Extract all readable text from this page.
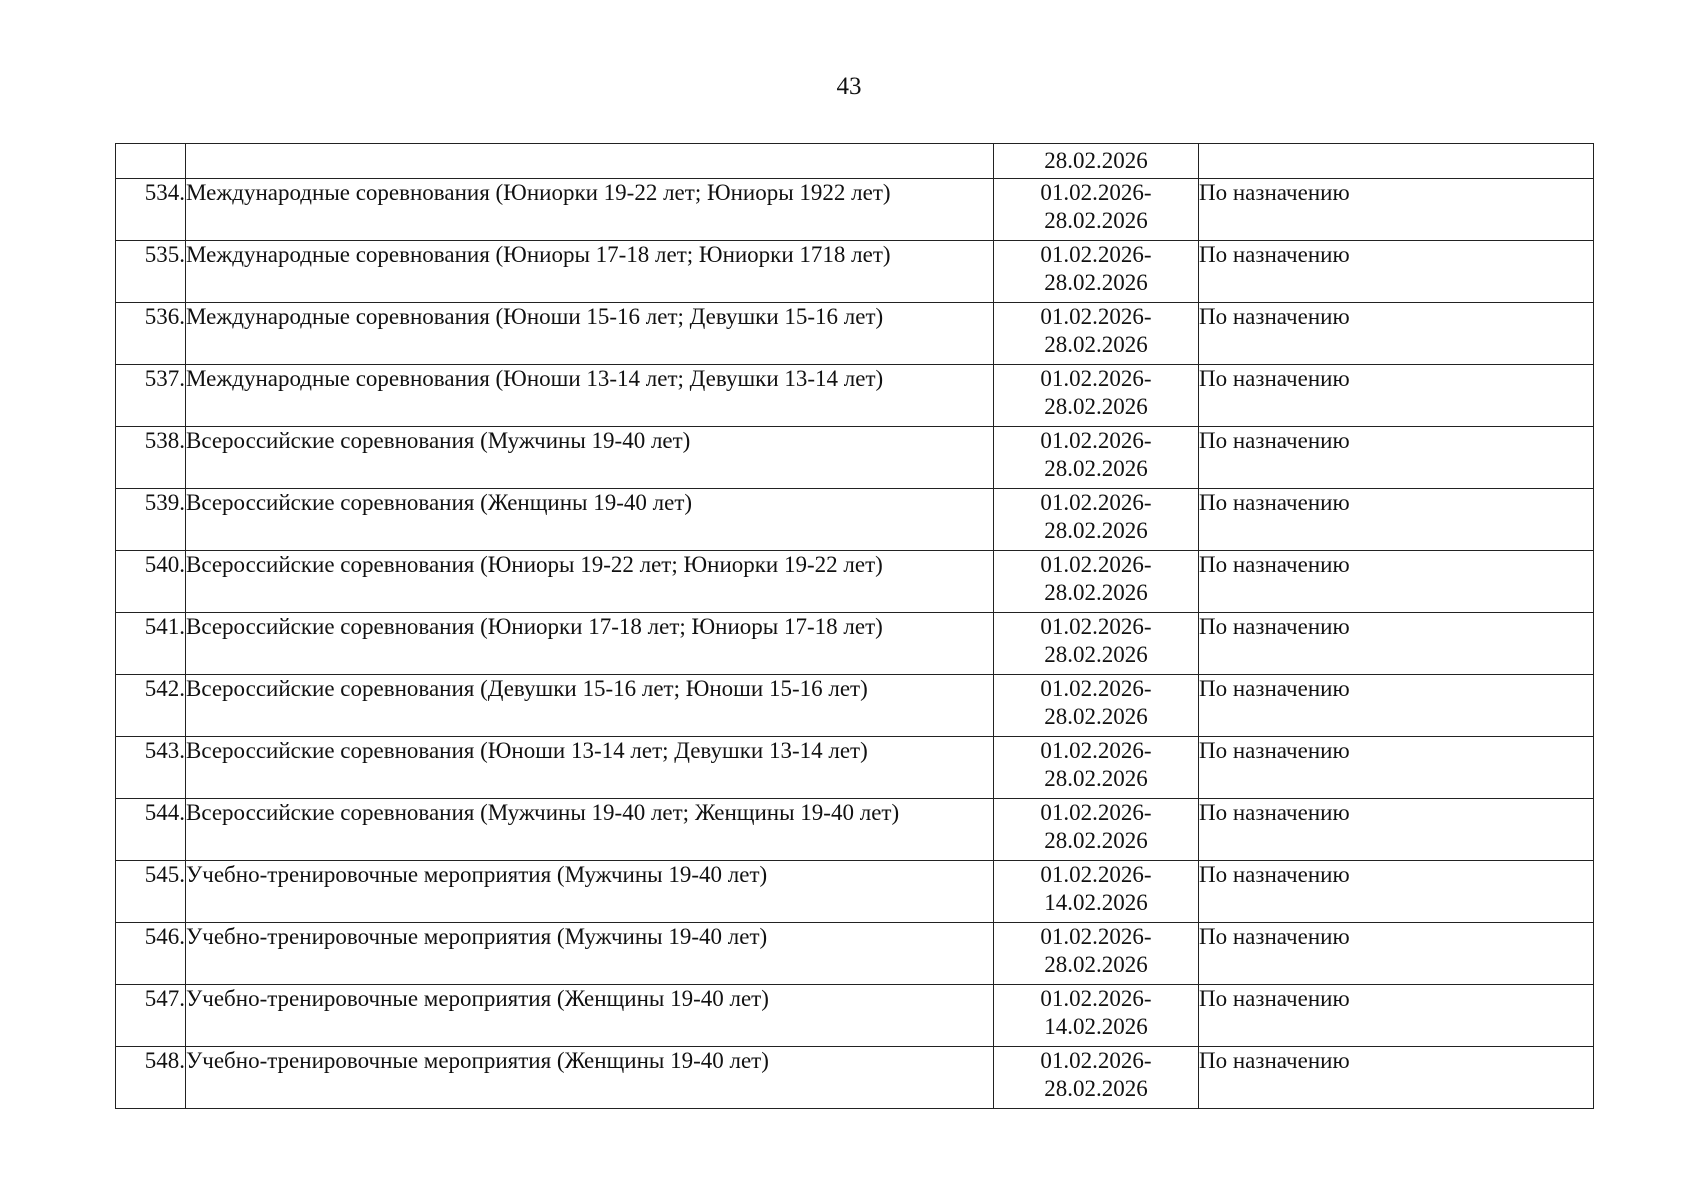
43

		28.02.2026	

534.	Международные соревнования (Юниорки 19-22 лет; Юниоры 1922 лет)	01.02.2026-
28.02.2026	По назначению
535.	Международные соревнования (Юниоры 17-18 лет; Юниорки 1718 лет)	01.02.2026-
28.02.2026	По назначению
536.	Международные соревнования (Юноши 15-16 лет; Девушки 15-16 лет)	01.02.2026-
28.02.2026	По назначению
537.	Международные соревнования (Юноши 13-14 лет; Девушки 13-14 лет)	01.02.2026-
28.02.2026	По назначению
538.	Всероссийские соревнования (Мужчины 19-40 лет)	01.02.2026-
28.02.2026	По назначению
539.	Всероссийские соревнования (Женщины 19-40 лет)	01.02.2026-
28.02.2026	По назначению
540.	Всероссийские соревнования (Юниоры 19-22 лет; Юниорки 19-22 лет)	01.02.2026-
28.02.2026	По назначению
541.	Всероссийские соревнования (Юниорки 17-18 лет; Юниоры 17-18 лет)	01.02.2026-
28.02.2026	По назначению
542.	Всероссийские соревнования (Девушки 15-16 лет; Юноши 15-16 лет)	01.02.2026-
28.02.2026	По назначению
543.	Всероссийские соревнования (Юноши 13-14 лет; Девушки 13-14 лет)	01.02.2026-
28.02.2026	По назначению
544.	Всероссийские соревнования (Мужчины 19-40 лет; Женщины 19-40 лет)	01.02.2026-
28.02.2026	По назначению
545.	Учебно-тренировочные мероприятия (Мужчины 19-40 лет)	01.02.2026-
14.02.2026	По назначению
546.	Учебно-тренировочные мероприятия (Мужчины 19-40 лет)	01.02.2026-
28.02.2026	По назначению
547.	Учебно-тренировочные мероприятия (Женщины 19-40 лет)	01.02.2026-
14.02.2026	По назначению
548.	Учебно-тренировочные мероприятия (Женщины 19-40 лет)	01.02.2026-
28.02.2026	По назначению
